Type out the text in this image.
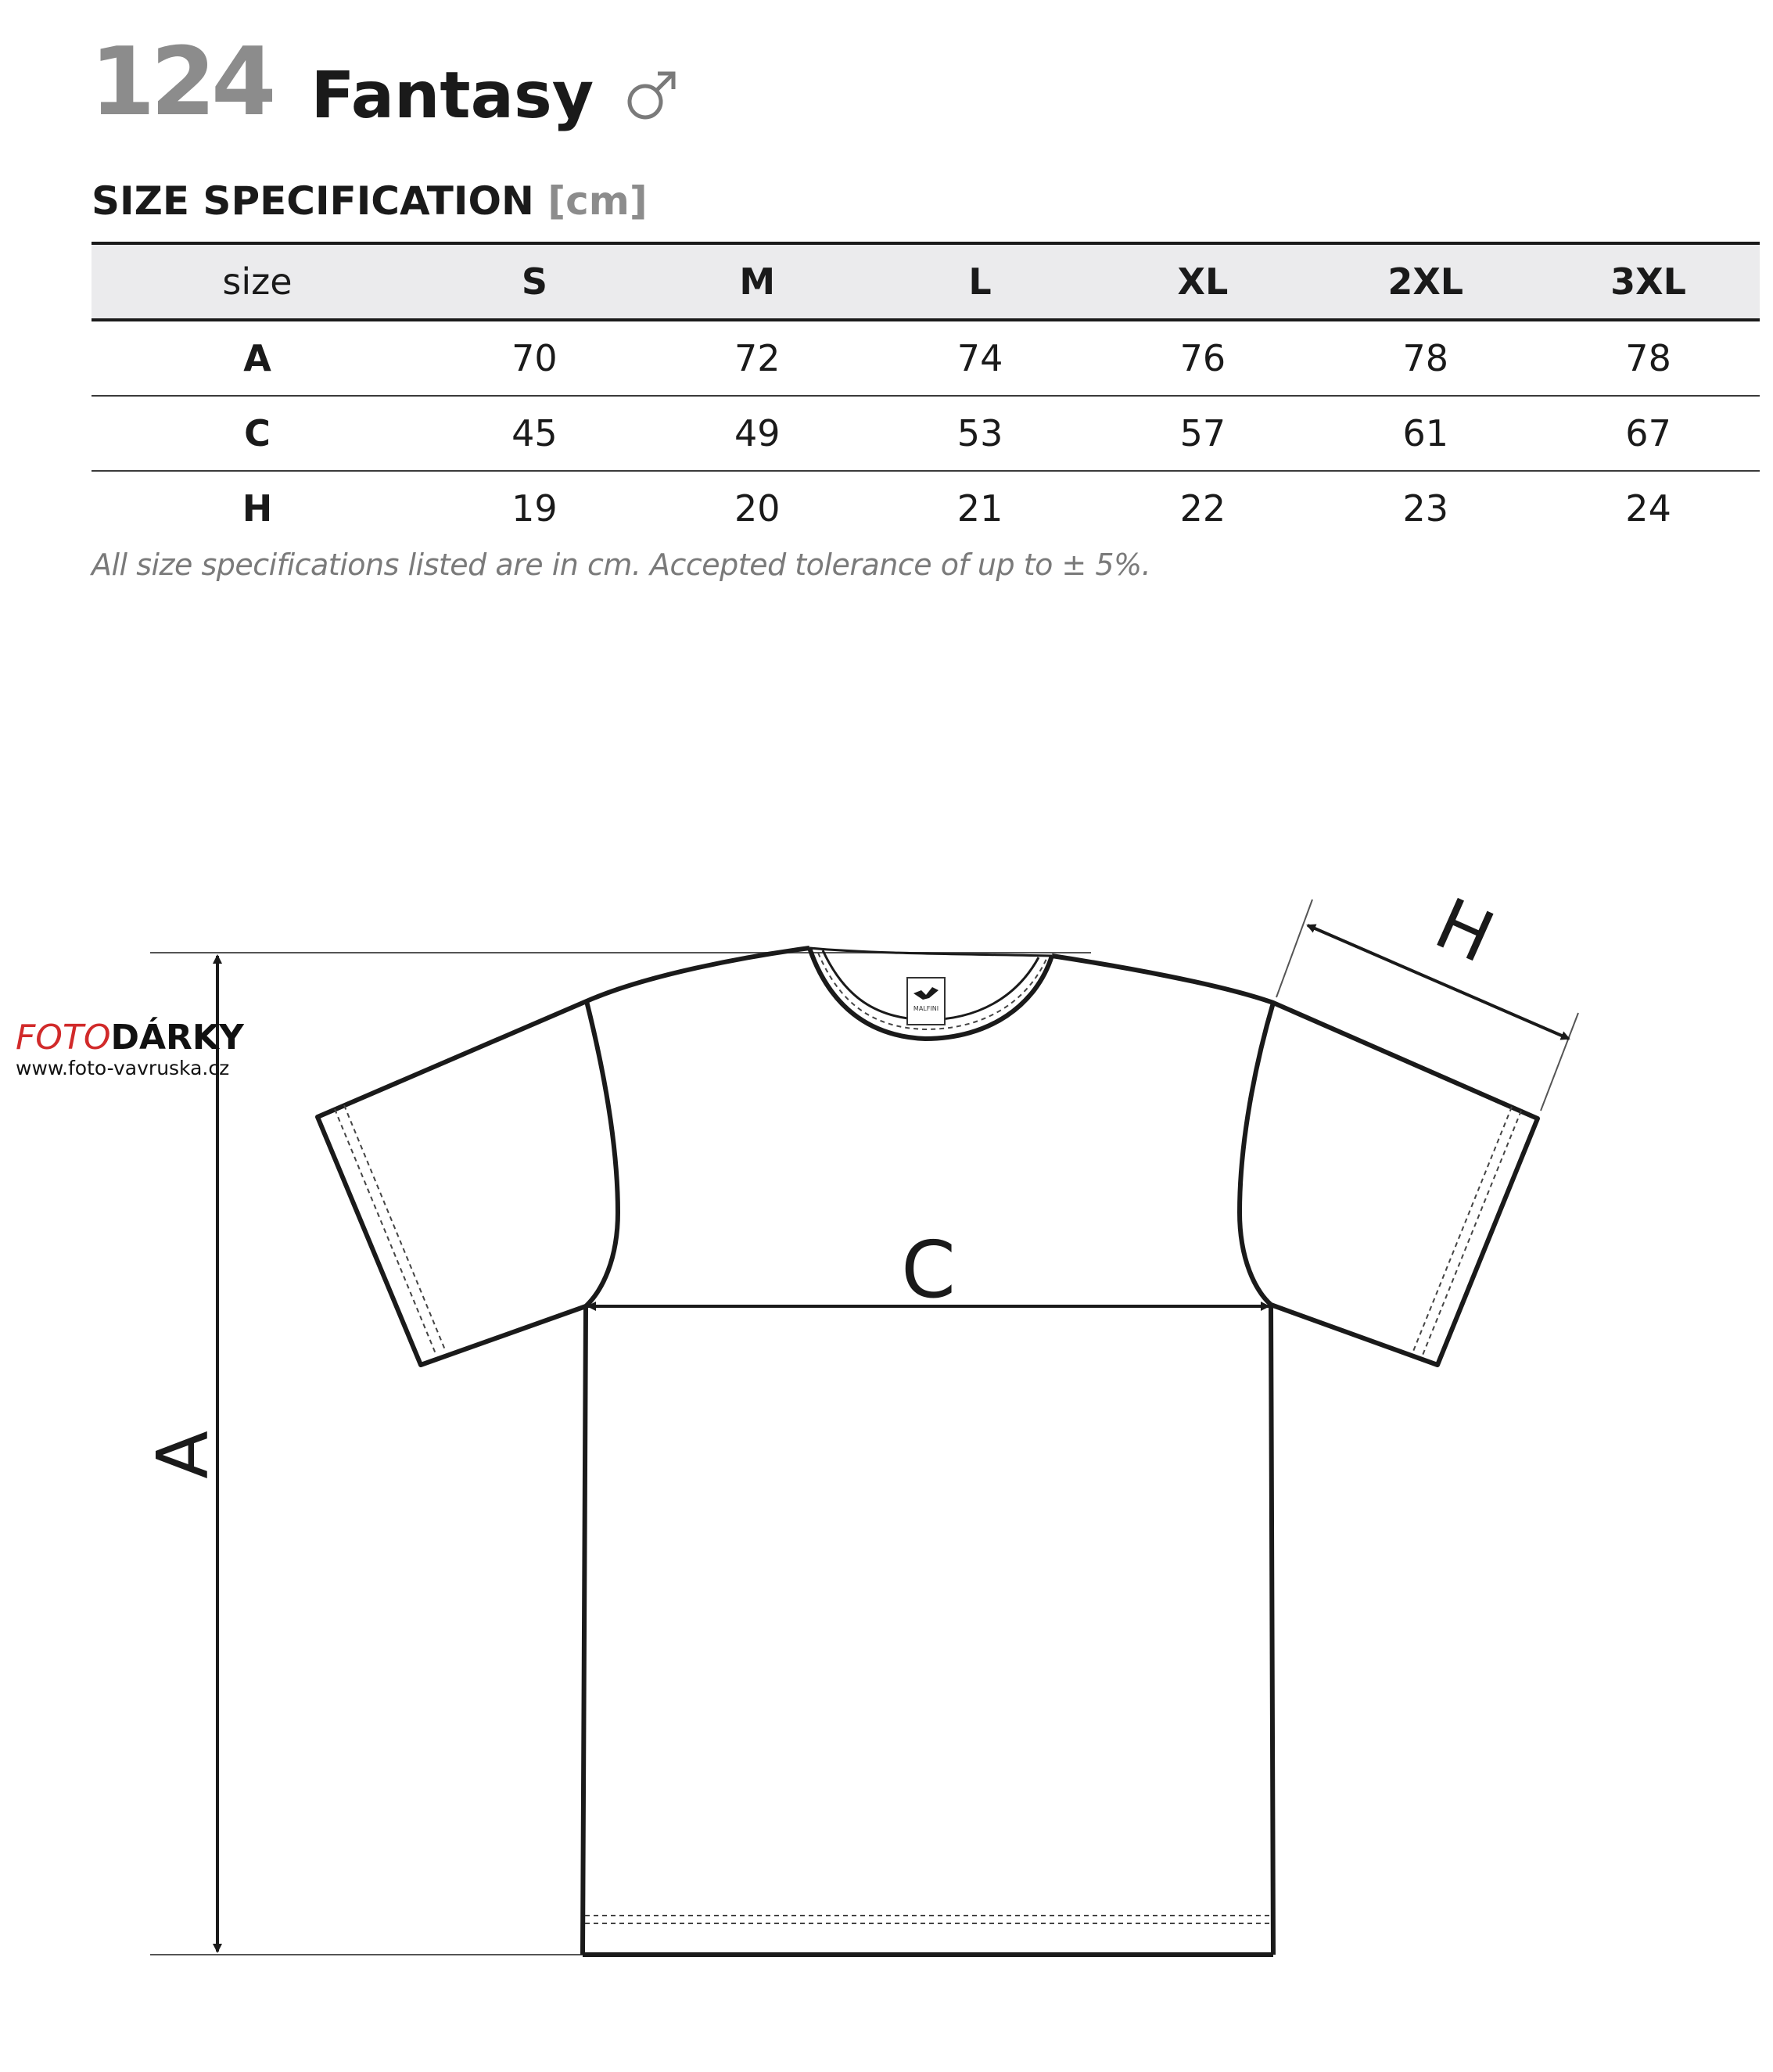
124 Fantasy
SIZE SPECIFICATION [cm]
size	S	M	L	XL	2XL	3XL
A	70	72	74	76	78	78
C	45	49	53	57	61	67
H	19	20	21	22	23	24
All size specifications listed are in cm. Accepted tolerance of up to ± 5%.
MALFINI
A
C
H
FOTODÁRKY
www.foto-vavruska.cz
